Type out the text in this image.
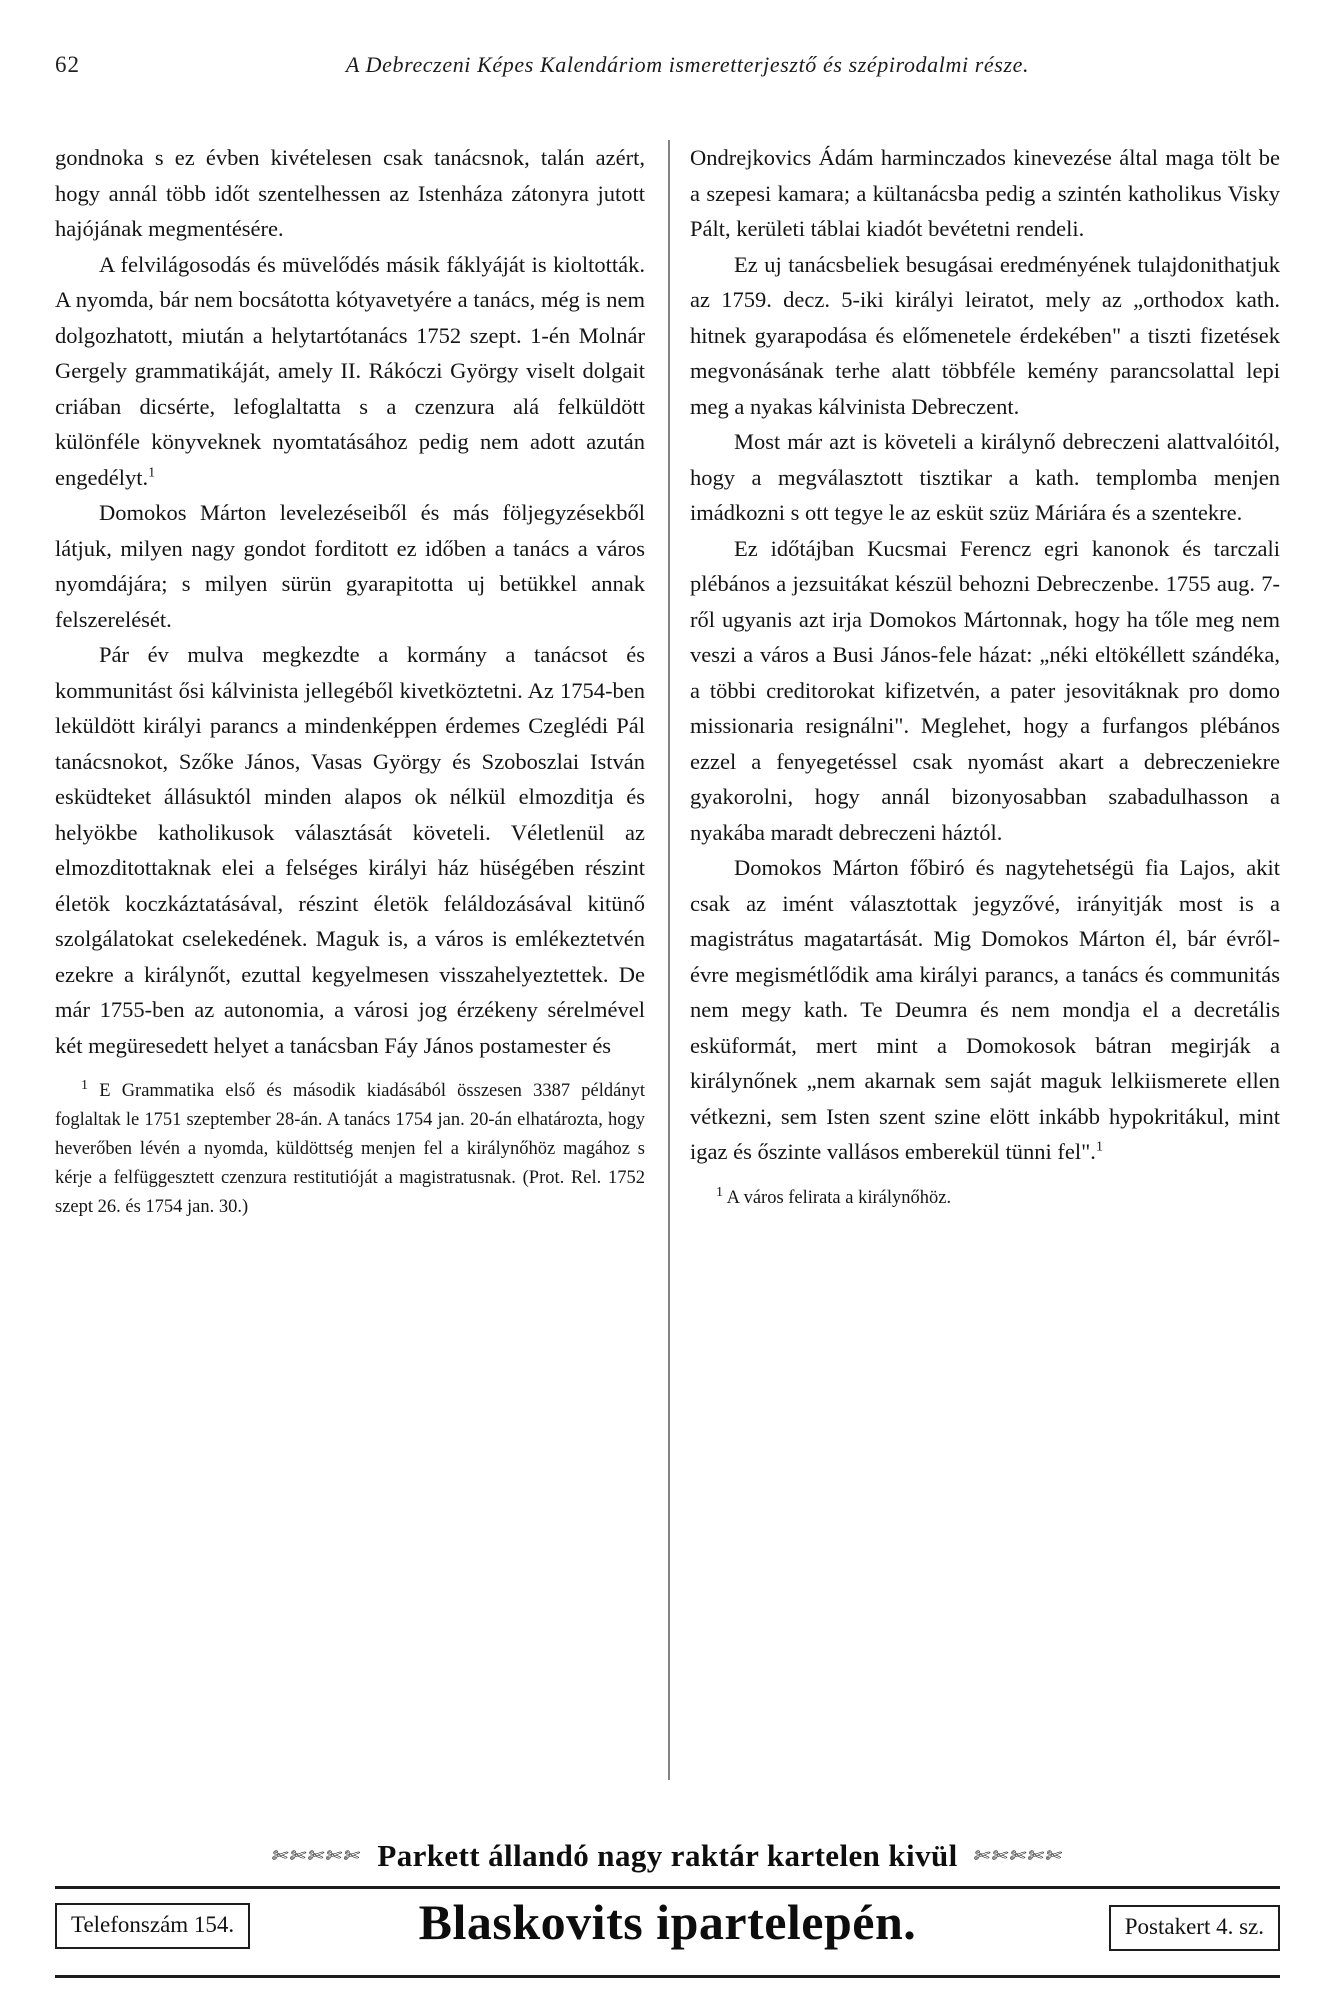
62	A Debreczeni Képes Kalendáriom ismeretterjesztő és szépirodalmi része.

gondnoka s ez évben kivételesen csak tanácsnok, talán azért, hogy annál több időt szentelhessen az Istenháza zátonyra jutott hajójának megmentésére.

A felvilágosodás és müvelődés másik fáklyáját is kioltották. A nyomda, bár nem bocsátotta kótyavetyére a tanács, még is nem dolgozhatott, miután a helytartótanács 1752 szept. 1-én Molnár Gergely grammatikáját, amely II. Rákóczi György viselt dolgait criában dicsérte, lefoglaltatta s a czenzura alá felküldött különféle könyveknek nyomtatásához pedig nem adott azután engedélyt.$^1$

Domokos Márton levelezéseiből és más följegyzésekből látjuk, milyen nagy gondot forditott ez időben a tanács a város nyomdájára; s milyen sürün gyarapitotta uj betükkel annak felszerelését.

Pár év mulva megkezdte a kormány a tanácsot és kommunitást ősi kálvinista jellegéből kivetköztetni. Az 1754-ben leküldött királyi parancs a mindenképpen érdemes Czeglédi Pál tanácsnokot, Szőke János, Vasas György és Szoboszlai István esküdteket állásuktól minden alapos ok nélkül elmozditja és helyökbe katholikusok választását követeli. Véletlenül az elmozditottaknak elei a felséges királyi ház hüségében részint életök koczkáztatásával, részint életök feláldozásával kitünő szolgálatokat cselekedének. Maguk is, a város is emlékeztetvén ezekre a királynőt, ezuttal kegyelmesen visszahelyeztettek. De már 1755-ben az autonomia, a városi jog érzékeny sérelmével két megüresedett helyet a tanácsban Fáy János postamester és

$^1$ E Grammatika első és második kiadásából összesen 3387 példányt foglaltak le 1751 szeptember 28-án. A tanács 1754 jan. 20-án elhatározta, hogy heverőben lévén a nyomda, küldöttség menjen fel a királynőhöz magához s kérje a felfüggesztett czenzura restitutióját a magistratusnak. (Prot. Rel. 1752 szept 26. és 1754 jan. 30.)

Ondrejkovics Ádám harminczados kinevezése által maga tölt be a szepesi kamara; a kültanácsba pedig a szintén katholikus Visky Pált, kerületi táblai kiadót bevétetni rendeli.

Ez uj tanácsbeliek besugásai eredményének tulajdonithatjuk az 1759. decz. 5-iki királyi leiratot, mely az „orthodox kath. hitnek gyarapodása és előmenetele érdekében" a tiszti fizetések megvonásának terhe alatt többféle kemény parancsolattal lepi meg a nyakas kálvinista Debreczent.

Most már azt is követeli a királynő debreczeni alattvalóitól, hogy a megválasztott tisztikar a kath. templomba menjen imádkozni s ott tegye le az esküt szüz Máriára és a szentekre.

Ez időtájban Kucsmai Ferencz egri kanonok és tarczali plébános a jezsuitákat készül behozni Debreczenbe. 1755 aug. 7-ről ugyanis azt irja Domokos Mártonnak, hogy ha tőle meg nem veszi a város a Busi János-fele házat: „néki eltökéllett szándéka, a többi creditorokat kifizetvén, a pater jesovitáknak pro domo missionaria resignálni". Meglehet, hogy a furfangos plébános ezzel a fenyegetéssel csak nyomást akart a debreczeniekre gyakorolni, hogy annál bizonyosabban szabadulhasson a nyakába maradt debreczeni háztól.

Domokos Márton főbiró és nagytehetségü fia Lajos, akit csak az imént választottak jegyzővé, irányitják most is a magistrátus magatartását. Mig Domokos Márton él, bár évről-évre megismétlődik ama királyi parancs, a tanács és communitás nem megy kath. Te Deumra és nem mondja el a decretális esküformát, mert mint a Domokosok bátran megirják a királynőnek „nem akarnak sem saját maguk lelkiismerete ellen vétkezni, sem Isten szent szine elött inkább hypokritákul, mint igaz és őszinte vallásos emberekül tünni fel".$^1$

$^1$ A város felirata a királynőhöz.

✄✄✄✄✄ Parkett állandó nagy raktár kartelen kivül ✄✄✄✄✄
Telefonszám 154.	Blaskovits ipartelepén.	Postakert 4. sz.
